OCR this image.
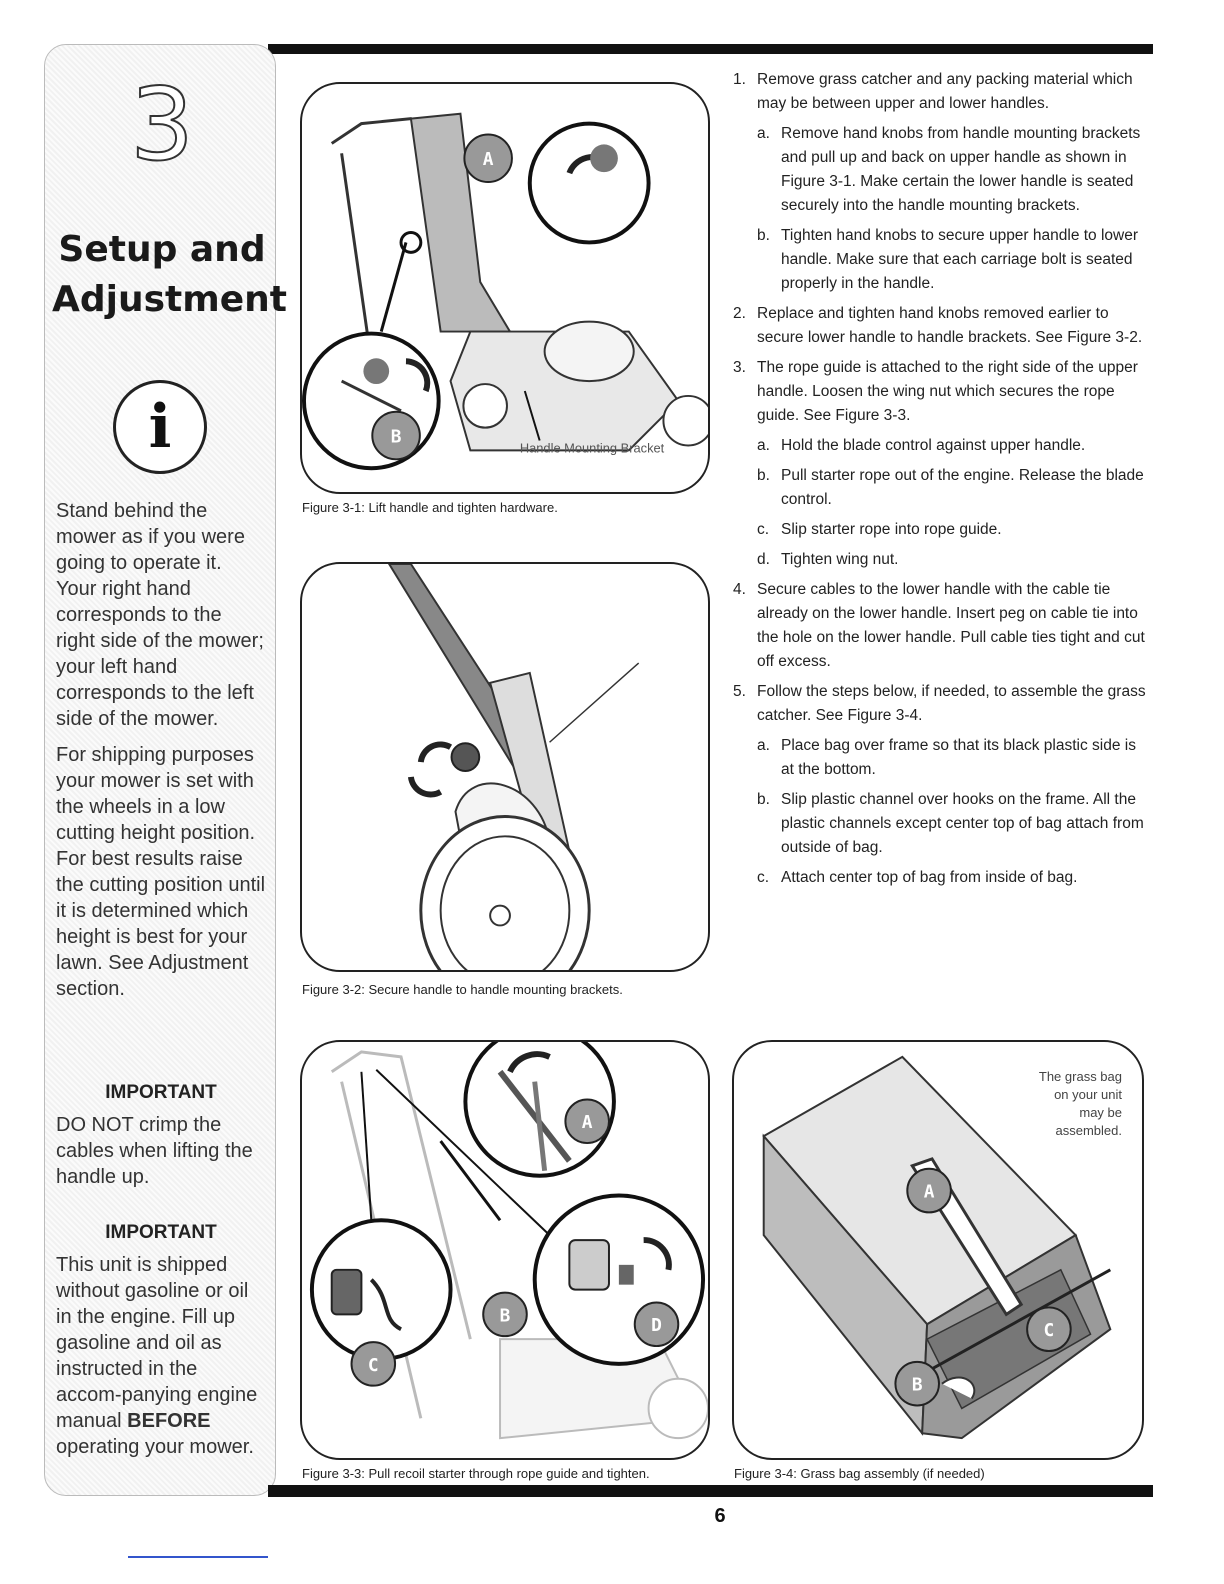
3
Setup and
Adjustment
i
Stand behind the mower as if you were going to operate it. Your right hand corresponds to the right side of the mower; your left hand corresponds to the left side of the mower.
For shipping purposes your mower is set with the wheels in a low cutting height position. For best results raise the cutting position until it is determined which height is best for your lawn. See Adjustment section.
IMPORTANT
DO NOT crimp the cables when lifting the handle up.
IMPORTANT
This unit is shipped without gasoline or oil in the engine. Fill up gasoline and oil as instructed in the accom-panying engine manual BEFORE operating your mower.
A
B
Handle Mounting Bracket
Figure 3-1: Lift handle and tighten hardware.
Figure 3-2: Secure handle to handle mounting brackets.
A
B
C
D
Figure 3-3: Pull recoil starter through rope guide and tighten.
A
B
C
The grass bag on your unit may be assembled.
Figure 3-4: Grass bag assembly (if needed)
1. Remove grass catcher and any packing material which may be between upper and lower handles.
a. Remove hand knobs from handle mounting brackets and pull up and back on upper handle as shown in Figure 3-1. Make certain the lower handle is seated securely into the handle mounting brackets.
b. Tighten hand knobs to secure upper handle to lower handle. Make sure that each carriage bolt is seated properly in the handle.
2. Replace and tighten hand knobs removed earlier to secure lower handle to handle brackets. See Figure 3-2.
3. The rope guide is attached to the right side of the upper handle. Loosen the wing nut which secures the rope guide. See Figure 3-3.
a. Hold the blade control against upper handle.
b. Pull starter rope out of the engine. Release the blade control.
c. Slip starter rope into rope guide.
d. Tighten wing nut.
4. Secure cables to the lower handle with the cable tie already on the lower handle. Insert peg on cable tie into the hole on the lower handle. Pull cable ties tight and cut off excess.
5. Follow the steps below, if needed, to assemble the grass catcher. See Figure 3-4.
a. Place bag over frame so that its black plastic side is at the bottom.
b. Slip plastic channel over hooks on the frame. All the plastic channels except center top of bag attach from outside of bag.
c. Attach center top of bag from inside of bag.
6
